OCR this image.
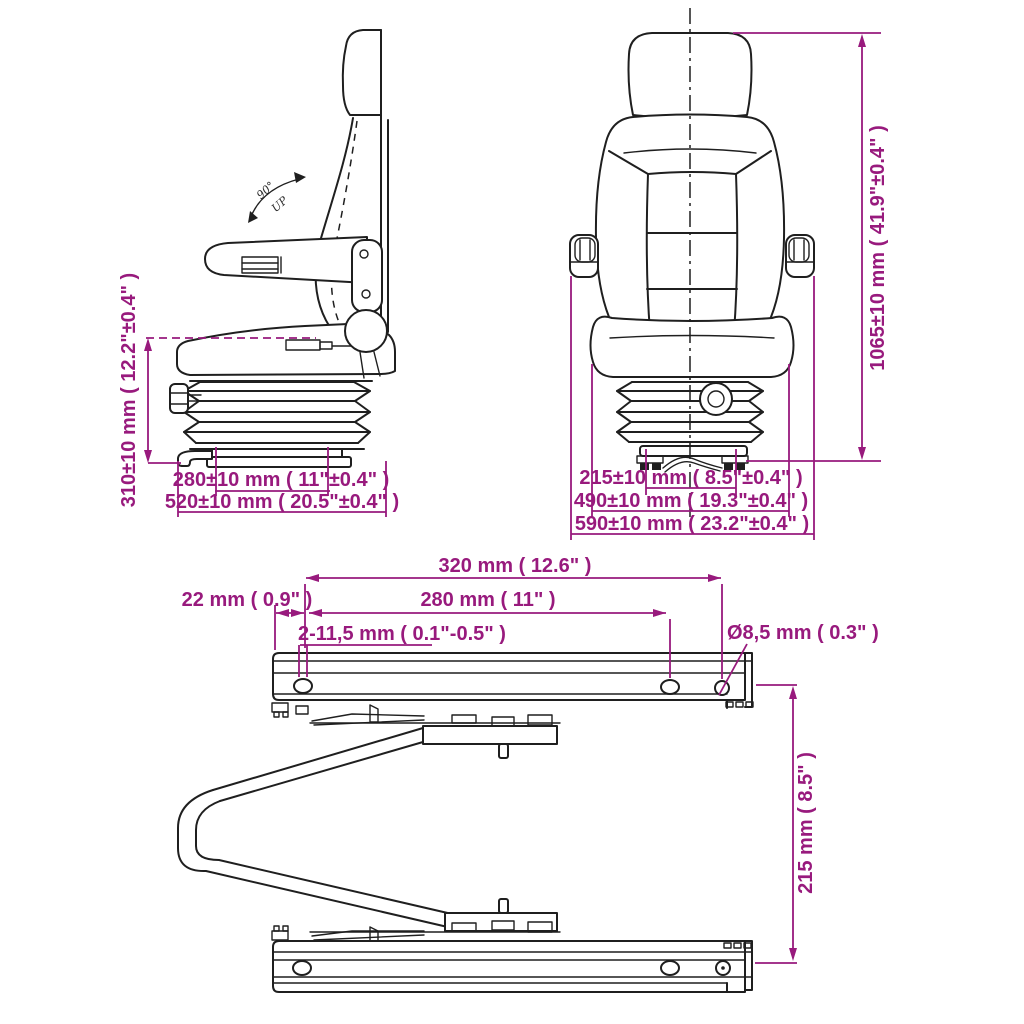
90°
UP
310±10 mm ( 12.2"±0.4" ) 280±10 mm ( 11"±0.4" )
520±10 mm ( 20.5"±0.4" )
1065±10 mm ( 41.9"±0.4" )
215±10 mm ( 8.5"±0.4" )
490±10 mm ( 19.3"±0.4" )
590±10 mm ( 23.2"±0.4" )
320 mm ( 12.6" )
22 mm ( 0.9" )	280 mm ( 11" )
2-11,5 mm ( 0.1"-0.5" )	Ø8,5 mm ( 0.3" )
215 mm ( 8.5" )
